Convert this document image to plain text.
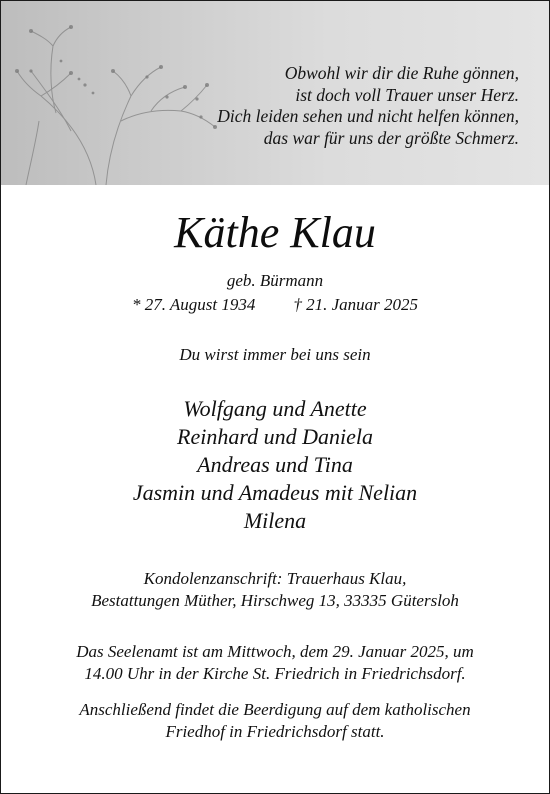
Obwohl wir dir die Ruhe gönnen,
ist doch voll Trauer unser Herz.
Dich leiden sehen und nicht helfen können,
das war für uns der größte Schmerz.
Käthe Klau
geb. Bürmann
* 27. August 1934 † 21. Januar 2025
Du wirst immer bei uns sein
Wolfgang und Anette
Reinhard und Daniela
Andreas und Tina
Jasmin und Amadeus mit Nelian
Milena
Kondolenzanschrift: Trauerhaus Klau,
Bestattungen Müther, Hirschweg 13, 33335 Gütersloh
Das Seelenamt ist am Mittwoch, dem 29. Januar 2025, um
14.00 Uhr in der Kirche St. Friedrich in Friedrichsdorf.
Anschließend findet die Beerdigung auf dem katholischen
Friedhof in Friedrichsdorf statt.
